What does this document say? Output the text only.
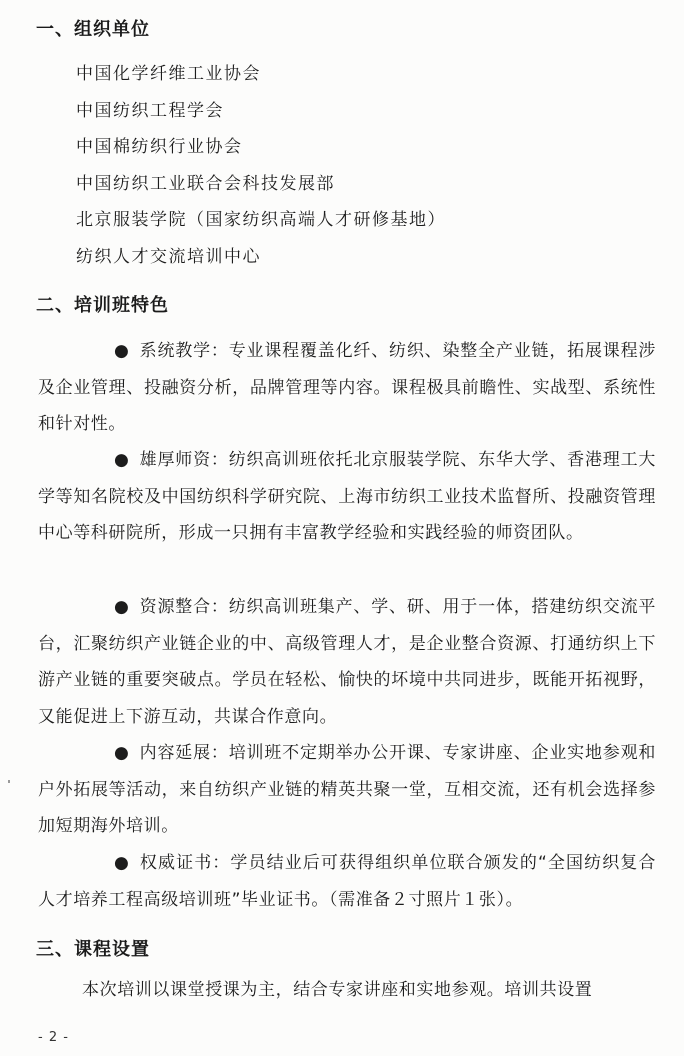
一、组织单位
中国化学纤维工业协会
中国纺织工程学会
中国棉纺织行业协会
中国纺织工业联合会科技发展部
北京服装学院（国家纺织高端人才研修基地）
纺织人才交流培训中心
二、培训班特色

● 系统教学：专业课程覆盖化纤、纺织、染整全产业链，拓展课程涉及企业管理、投融资分析，品牌管理等内容。课程极具前瞻性、实战型、系统性和针对性。

● 雄厚师资：纺织高训班依托北京服装学院、东华大学、香港理工大学等知名院校及中国纺织科学研究院、上海市纺织工业技术监督所、投融资管理中心等科研院所，形成一只拥有丰富教学经验和实践经验的师资团队。

● 资源整合：纺织高训班集产、学、研、用于一体，搭建纺织交流平台，汇聚纺织产业链企业的中、高级管理人才，是企业整合资源、打通纺织上下游产业链的重要突破点。学员在轻松、愉快的坏境中共同进步，既能开拓视野，又能促进上下游互动，共谋合作意向。

● 内容延展：培训班不定期举办公开课、专家讲座、企业实地参观和户外拓展等活动，来自纺织产业链的精英共聚一堂，互相交流，还有机会选择参加短期海外培训。

● 权威证书：学员结业后可获得组织单位联合颁发的“全国纺织复合人才培养工程高级培训班”毕业证书。（需准备２寸照片１张）。

三、课程设置

本次培训以课堂授课为主，结合专家讲座和实地参观。培训共设置

- 2 -
